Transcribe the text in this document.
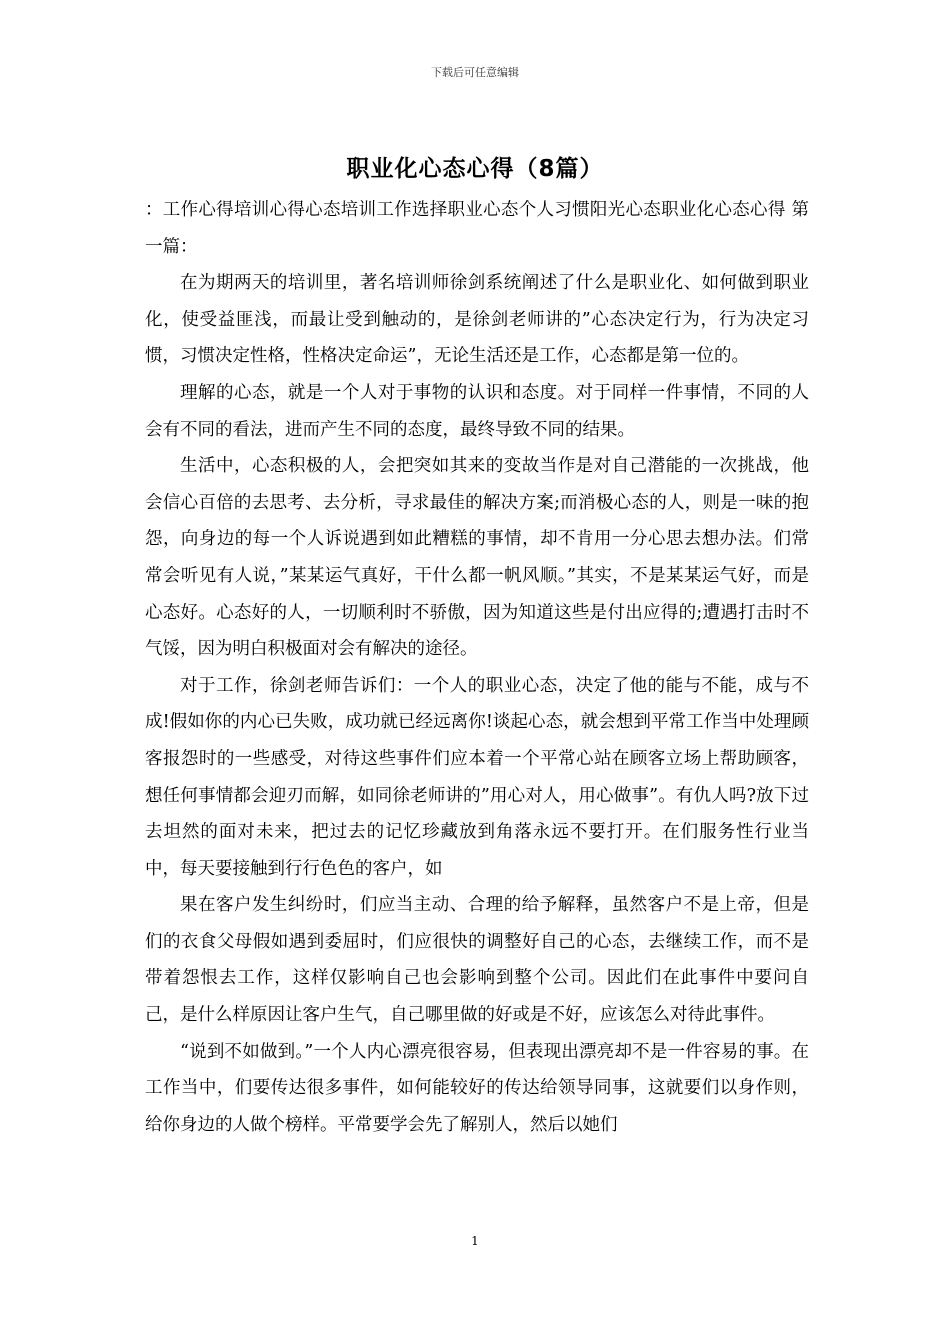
下载后可任意编辑
职业化心态心得（8篇）

：工作心得培训心得心态培训工作选择职业心态个人习惯阳光心态职业化心态心得 第一篇：

在为期两天的培训里，著名培训师徐剑系统阐述了什么是职业化、如何做到职业化，使受益匪浅，而最让受到触动的，是徐剑老师讲的”心态决定行为，行为决定习惯，习惯决定性格，性格决定命运”，无论生活还是工作，心态都是第一位的。

理解的心态，就是一个人对于事物的认识和态度。对于同样一件事情，不同的人会有不同的看法，进而产生不同的态度，最终导致不同的结果。

生活中，心态积极的人，会把突如其来的变故当作是对自己潜能的一次挑战，他会信心百倍的去思考、去分析，寻求最佳的解决方案;而消极心态的人，则是一味的抱怨，向身边的每一个人诉说遇到如此糟糕的事情，却不肯用一分心思去想办法。们常常会听见有人说，”某某运气真好，干什么都一帆风顺。”其实，不是某某运气好，而是心态好。心态好的人，一切顺利时不骄傲，因为知道这些是付出应得的;遭遇打击时不气馁，因为明白积极面对会有解决的途径。

对于工作，徐剑老师告诉们：一个人的职业心态，决定了他的能与不能，成与不成!假如你的内心已失败，成功就已经远离你!谈起心态，就会想到平常工作当中处理顾客报怨时的一些感受，对待这些事件们应本着一个平常心站在顾客立场上帮助顾客，想任何事情都会迎刃而解，如同徐老师讲的”用心对人，用心做事”。有仇人吗?放下过去坦然的面对未来，把过去的记忆珍藏放到角落永远不要打开。在们服务性行业当中，每天要接触到行行色色的客户，如

果在客户发生纠纷时，们应当主动、合理的给予解释，虽然客户不是上帝，但是们的衣食父母假如遇到委屈时，们应很快的调整好自己的心态，去继续工作，而不是带着怨恨去工作，这样仅影响自己也会影响到整个公司。因此们在此事件中要问自己，是什么样原因让客户生气，自己哪里做的好或是不好，应该怎么对待此事件。

“说到不如做到。”一个人内心漂亮很容易，但表现出漂亮却不是一件容易的事。在工作当中，们要传达很多事件，如何能较好的传达给领导同事，这就要们以身作则，给你身边的人做个榜样。平常要学会先了解别人，然后以她们

1
